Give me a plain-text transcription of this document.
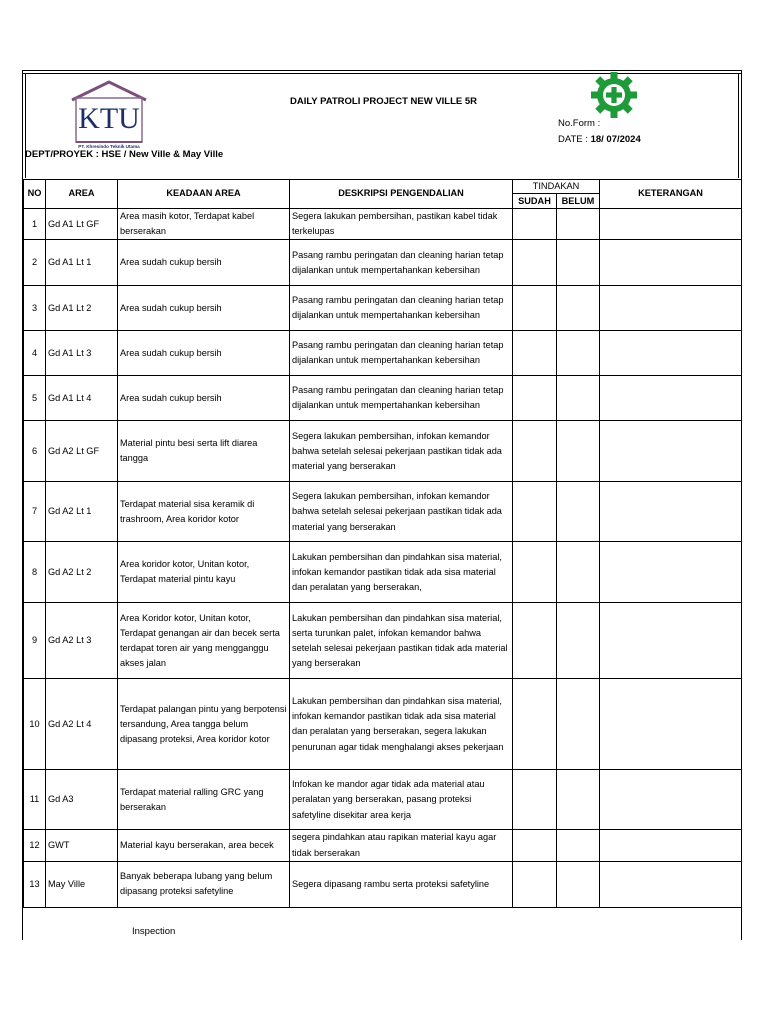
KTU
PT. Khresindo Teknik Utama
DAILY PATROLI PROJECT NEW VILLE 5R
No.Form :
DATE : 18/ 07/2024
DEPT/PROYEK : HSE / New Ville & May Ville
NO	AREA	KEADAAN AREA	DESKRIPSI PENGENDALIAN	TINDAKAN		KETERANGAN
				SUDAH	BELUM	
1	Gd A1 Lt GF	Area masih kotor, Terdapat kabel berserakan	Segera lakukan pembersihan, pastikan kabel tidak terkelupas			
2	Gd A1 Lt 1	Area sudah cukup bersih	Pasang rambu peringatan dan cleaning harian tetap dijalankan untuk mempertahankan kebersihan			
3	Gd A1 Lt 2	Area sudah cukup bersih	Pasang rambu peringatan dan cleaning harian tetap dijalankan untuk mempertahankan kebersihan			
4	Gd A1 Lt 3	Area sudah cukup bersih	Pasang rambu peringatan dan cleaning harian tetap dijalankan untuk mempertahankan kebersihan			
5	Gd A1 Lt 4	Area sudah cukup bersih	Pasang rambu peringatan dan cleaning harian tetap dijalankan untuk mempertahankan kebersihan			
6	Gd A2 Lt GF	Material pintu besi serta lift diarea tangga	Segera lakukan pembersihan, infokan kemandor bahwa setelah selesai pekerjaan pastikan tidak ada material yang berserakan			
7	Gd A2 Lt 1	Terdapat material sisa keramik di trashroom, Area koridor kotor	Segera lakukan pembersihan, infokan kemandor bahwa setelah selesai pekerjaan pastikan tidak ada material yang berserakan			
8	Gd A2 Lt 2	Area koridor kotor, Unitan kotor, Terdapat material pintu kayu	Lakukan pembersihan dan pindahkan sisa material, infokan kemandor pastikan tidak ada sisa material dan peralatan yang berserakan,			
9	Gd A2 Lt 3	Area Koridor kotor, Unitan kotor, Terdapat genangan air dan becek serta terdapat toren air yang mengganggu akses jalan	Lakukan pembersihan dan pindahkan sisa material, serta turunkan palet, infokan kemandor bahwa setelah selesai pekerjaan pastikan tidak ada material yang berserakan			
10	Gd A2 Lt 4	Terdapat palangan pintu yang berpotensi tersandung, Area tangga belum dipasang proteksi, Area koridor kotor	Lakukan pembersihan dan pindahkan sisa material, infokan kemandor pastikan tidak ada sisa material dan peralatan yang berserakan, segera lakukan penurunan agar tidak menghalangi akses pekerjaan			
11	Gd A3	Terdapat material ralling GRC yang berserakan	Infokan ke mandor agar tidak ada material atau peralatan yang berserakan, pasang proteksi safetyline disekitar area kerja			
12	GWT	Material kayu berserakan, area becek	segera pindahkan atau rapikan material kayu agar tidak berserakan			
13	May Ville	Banyak beberapa lubang yang belum dipasang proteksi safetyline	Segera dipasang rambu serta proteksi safetyline			
Inspection
